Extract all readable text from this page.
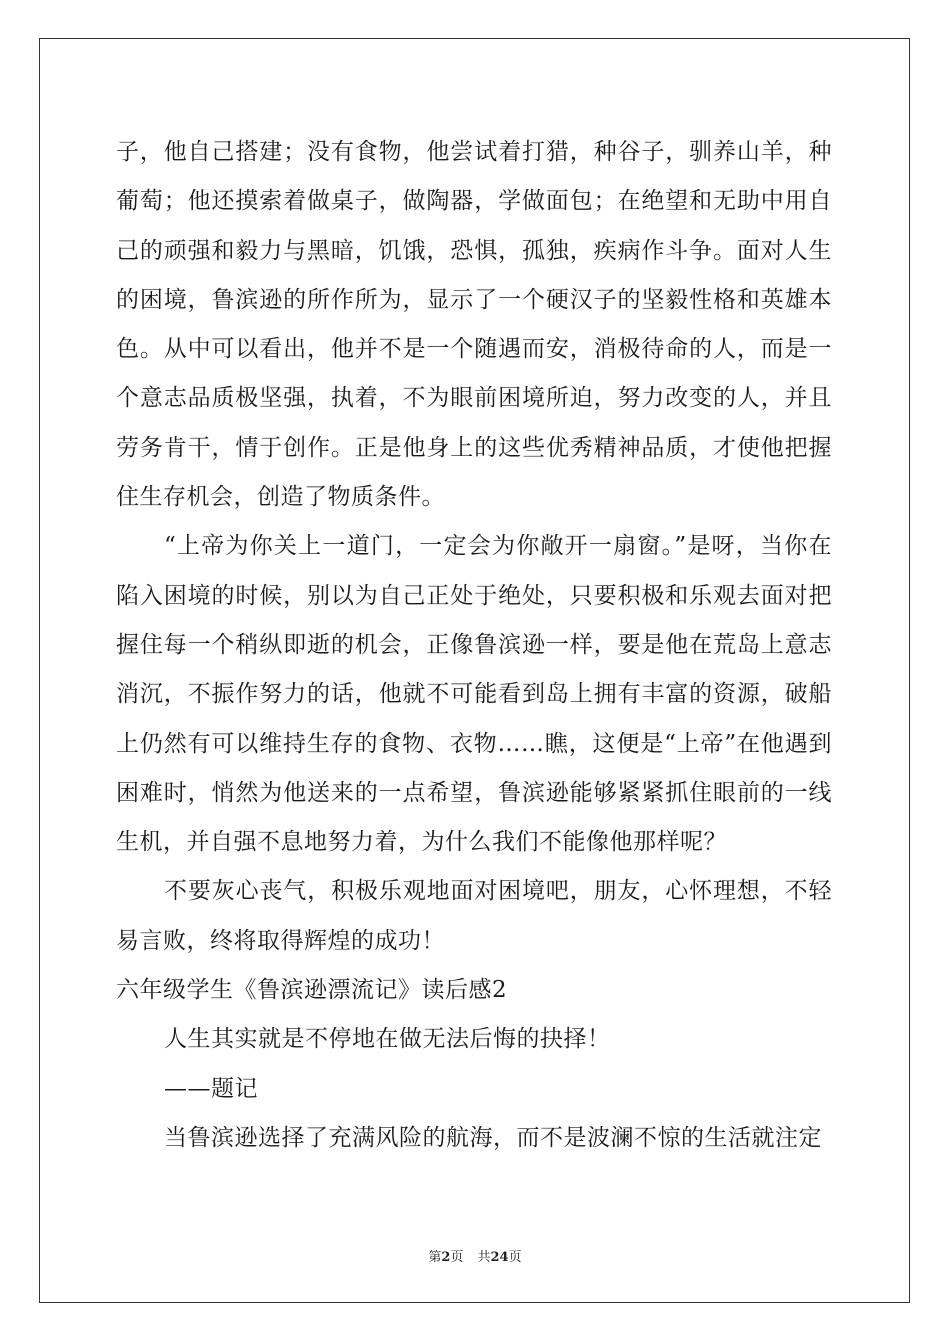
子，他自己搭建；没有食物，他尝试着打猎，种谷子，驯养山羊，种葡萄；他还摸索着做桌子，做陶器，学做面包；在绝望和无助中用自己的顽强和毅力与黑暗，饥饿，恐惧，孤独，疾病作斗争。面对人生的困境，鲁滨逊的所作所为，显示了一个硬汉子的坚毅性格和英雄本色。从中可以看出，他并不是一个随遇而安，消极待命的人，而是一个意志品质极坚强，执着，不为眼前困境所迫，努力改变的人，并且劳务肯干，情于创作。正是他身上的这些优秀精神品质，才使他把握住生存机会，创造了物质条件。

“上帝为你关上一道门，一定会为你敞开一扇窗。”是呀，当你在陷入困境的时候，别以为自己正处于绝处，只要积极和乐观去面对把握住每一个稍纵即逝的机会，正像鲁滨逊一样，要是他在荒岛上意志消沉，不振作努力的话，他就不可能看到岛上拥有丰富的资源，破船上仍然有可以维持生存的食物、衣物……瞧，这便是“上帝”在他遇到困难时，悄然为他送来的一点希望，鲁滨逊能够紧紧抓住眼前的一线生机，并自强不息地努力着，为什么我们不能像他那样呢？

不要灰心丧气，积极乐观地面对困境吧，朋友，心怀理想，不轻易言败，终将取得辉煌的成功！

六年级学生《鲁滨逊漂流记》读后感2

人生其实就是不停地在做无法后悔的抉择！

——题记

当鲁滨逊选择了充满风险的航海，而不是波澜不惊的生活就注定

第2页 共24页
